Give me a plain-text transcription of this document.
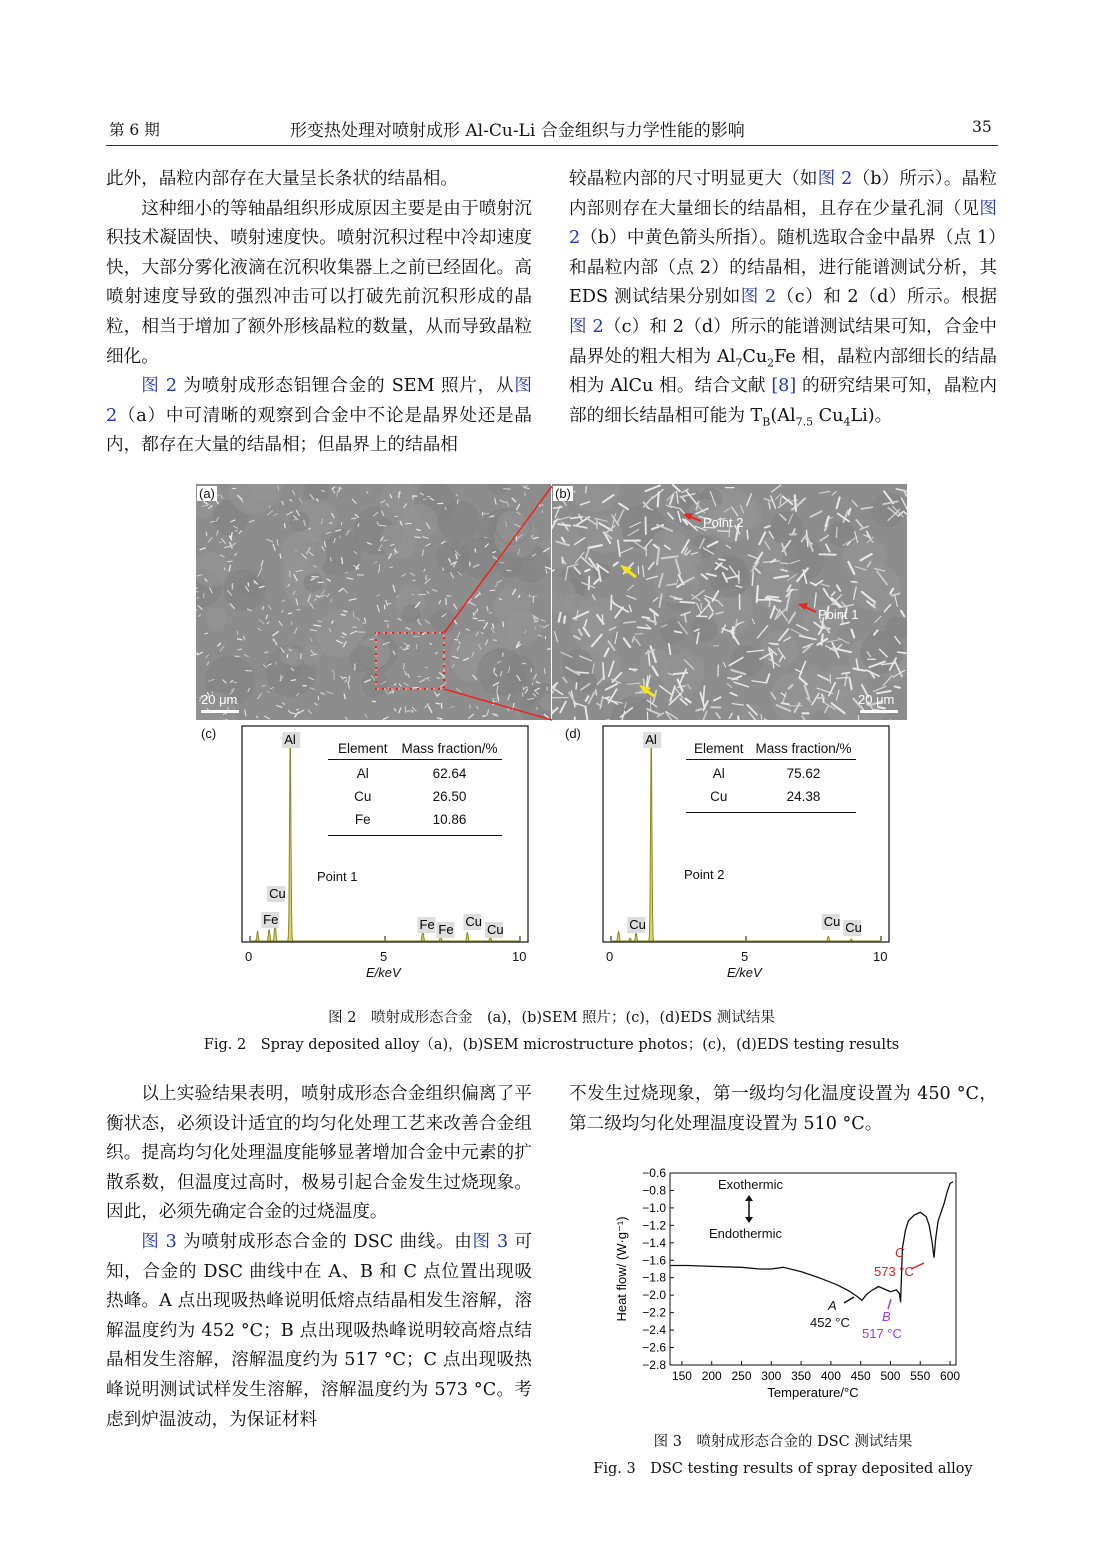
第 6 期	形变热处理对喷射成形 Al-Cu-Li 合金组织与力学性能的影响	35

此外，晶粒内部存在大量呈长条状的结晶相。

这种细小的等轴晶组织形成原因主要是由于喷射沉积技术凝固快、喷射速度快。喷射沉积过程中冷却速度快，大部分雾化液滴在沉积收集器上之前已经固化。高喷射速度导致的强烈冲击可以打破先前沉积形成的晶粒，相当于增加了额外形核晶粒的数量，从而导致晶粒细化。

图 2 为喷射成形态铝锂合金的 SEM 照片，从图 2（a）中可清晰的观察到合金中不论是晶界处还是晶内，都存在大量的结晶相；但晶界上的结晶相

较晶粒内部的尺寸明显更大（如图 2（b）所示）。晶粒内部则存在大量细长的结晶相，且存在少量孔洞（见图 2（b）中黄色箭头所指）。随机选取合金中晶界（点 1）和晶粒内部（点 2）的结晶相，进行能谱测试分析，其 EDS 测试结果分别如图 2（c）和 2（d）所示。根据图 2（c）和 2（d）所示的能谱测试结果可知，合金中晶界处的粗大相为 $Al_7Cu_2Fe$ 相，晶粒内部细长的结晶相为 AlCu 相。结合文献 [8] 的研究结果可知，晶粒内部的细长结晶相可能为 $T_B(Al_{7.5}$ $Cu_4Li$)。

(a)	(b)
20 μm	20 μm
Point 2
Point 1
(c)	Al
Cu
Fe	Fe Fe
Cu
Cu
0	5	10
E/keV
Point 1
Element	Mass fraction/%
Al	62.64
Cu	26.50
Fe	10.86
(d)	Al
Cu	Cu Cu
0	5	10
E/keV
Point 2
Element	Mass fraction/%
Al	75.62
Cu	24.38
图 2　喷射成形态合金　(a)，(b)SEM 照片；(c)，(d)EDS 测试结果
Fig. 2　Spray deposited alloy（a)，(b)SEM microstructure photos；(c)，(d)EDS testing results

以上实验结果表明，喷射成形态合金组织偏离了平衡状态，必须设计适宜的均匀化处理工艺来改善合金组织。提高均匀化处理温度能够显著增加合金中元素的扩散系数，但温度过高时，极易引起合金发生过烧现象。因此，必须先确定合金的过烧温度。

图 3 为喷射成形态合金的 DSC 曲线。由图 3 可知，合金的 DSC 曲线中在 A、B 和 C 点位置出现吸热峰。A 点出现吸热峰说明低熔点结晶相发生溶解，溶解温度约为 452 °C；B 点出现吸热峰说明较高熔点结晶相发生溶解，溶解温度约为 517 °C；C 点出现吸热峰说明测试试样发生溶解，溶解温度约为 573 °C。考虑到炉温波动，为保证材料

不发生过烧现象，第一级均匀化温度设置为 450 °C，第二级均匀化处理温度设置为 510 °C。

−0.6
−0.8
−1.0
−1.2
−1.4
−1.6
−1.8
−2.0
−2.2
−2.4
−2.6
−2.8
150 200 250 300 350 400 450 500 550 600
Temperature/°C
Heat flow/ (W·g⁻¹)
Exothermic
Endothermic
A
452 °C B
517 °C
C
573 °C
图 3　喷射成形态合金的 DSC 测试结果
Fig. 3　DSC testing results of spray deposited alloy
